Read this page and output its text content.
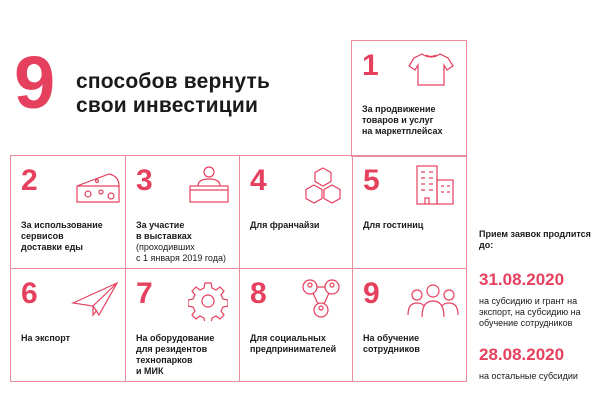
9 способов вернуть
свои инвестиции
1
За продвижение
товаров и услуг
на маркетплейсах
2
За использование
сервисов
доставки еды
3
За участие
в выставках
(проходивших
с 1 января 2019 года)
4
Для франчайзи
5
Для гостиниц
6
На экспорт
7
На оборудование
для резидентов
технопарков
и МИК
8
Для социальных
предпринимателей
9
На обучение
сотрудников
Прием заявок продлится до:
31.08.2020
на субсидию и грант на экспорт, на субсидию на обучение сотрудников
28.08.2020
на остальные субсидии
